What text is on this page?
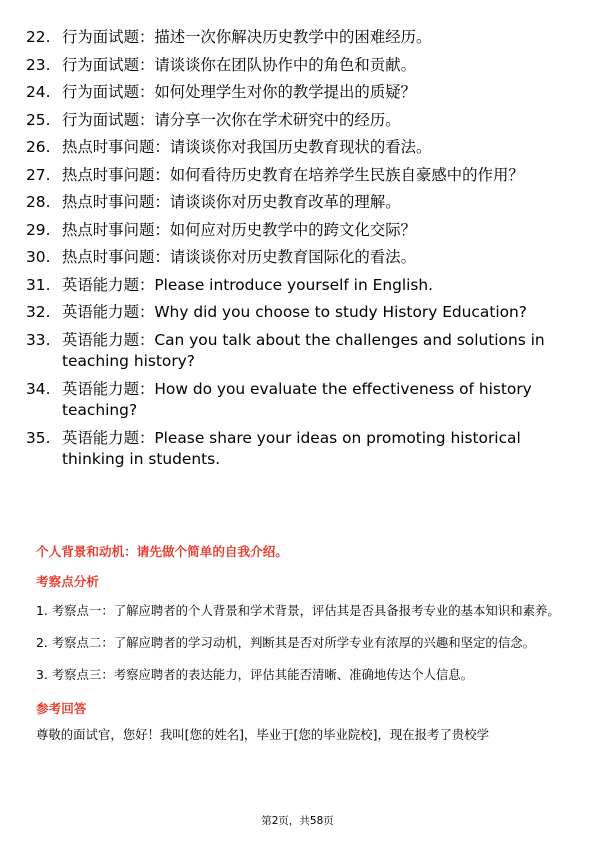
22. 行为面试题：描述一次你解决历史教学中的困难经历。
23. 行为面试题：请谈谈你在团队协作中的角色和贡献。
24. 行为面试题：如何处理学生对你的教学提出的质疑？
25. 行为面试题：请分享一次你在学术研究中的经历。
26. 热点时事问题：请谈谈你对我国历史教育现状的看法。
27. 热点时事问题：如何看待历史教育在培养学生民族自豪感中的作用？
28. 热点时事问题：请谈谈你对历史教育改革的理解。
29. 热点时事问题：如何应对历史教学中的跨文化交际？
30. 热点时事问题：请谈谈你对历史教育国际化的看法。
31. 英语能力题：Please introduce yourself in English.
32. 英语能力题：Why did you choose to study History Education?
33. 英语能力题：Can you talk about the challenges and solutions in teaching history?
34. 英语能力题：How do you evaluate the effectiveness of history teaching?
35. 英语能力题：Please share your ideas on promoting historical thinking in students.
个人背景和动机：请先做个简单的自我介绍。
考察点分析
1. 考察点一：了解应聘者的个人背景和学术背景，评估其是否具备报考专业的基本知识和素养。
2. 考察点二：了解应聘者的学习动机，判断其是否对所学专业有浓厚的兴趣和坚定的信念。
3. 考察点三：考察应聘者的表达能力，评估其能否清晰、准确地传达个人信息。
参考回答
尊敬的面试官，您好！我叫[您的姓名]，毕业于[您的毕业院校]，现在报考了贵校学
第2页，共58页
